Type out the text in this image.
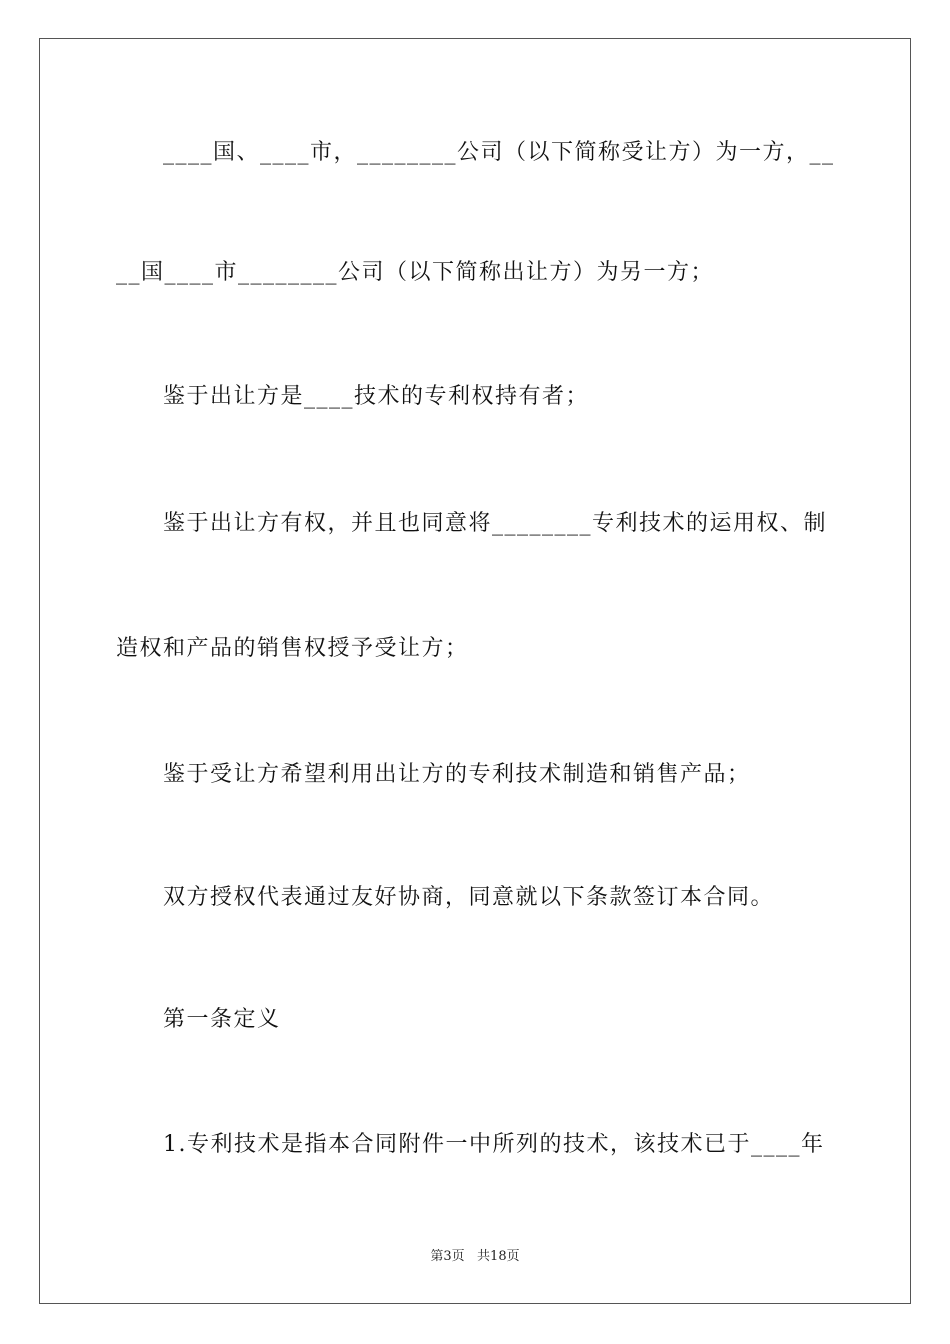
____国、____市，________公司（以下简称受让方）为一方，__
__国____市________公司（以下简称出让方）为另一方；
鉴于出让方是____技术的专利权持有者；
鉴于出让方有权，并且也同意将________专利技术的运用权、制
造权和产品的销售权授予受让方；
鉴于受让方希望利用出让方的专利技术制造和销售产品；
双方授权代表通过友好协商，同意就以下条款签订本合同。
第一条定义
1.专利技术是指本合同附件一中所列的技术，该技术已于____年
第3页   共18页
